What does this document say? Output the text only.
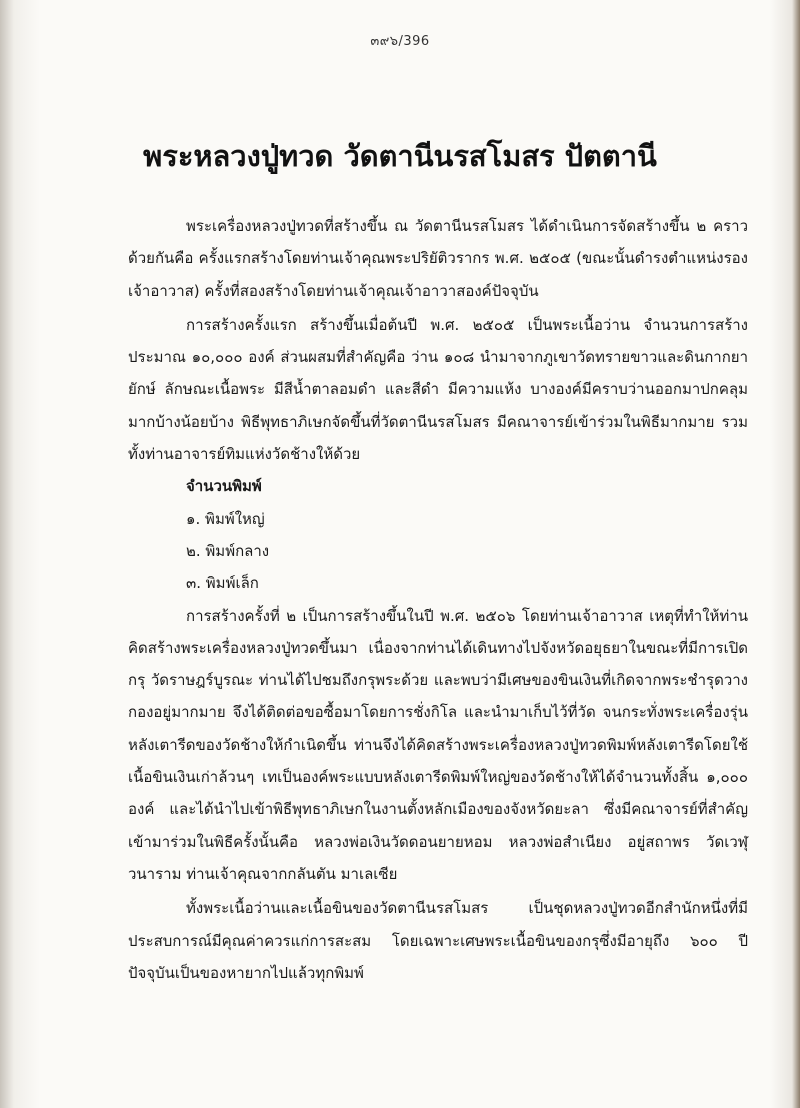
๓๙๖/396
พระหลวงปู่ทวด วัดตานีนรสโมสร ปัตตานี

พระเครื่องหลวงปู่ทวดที่สร้างขึ้น ณ วัดตานีนรสโมสร ได้ดำเนินการจัดสร้างขึ้น ๒ คราวด้วยกันคือ ครั้งแรกสร้างโดยท่านเจ้าคุณพระปริยัติวรากร พ.ศ. ๒๕๐๕ (ขณะนั้นดำรงตำแหน่งรองเจ้าอาวาส) ครั้งที่สองสร้างโดยท่านเจ้าคุณเจ้าอาวาสองค์ปัจจุบัน

การสร้างครั้งแรก สร้างขึ้นเมื่อต้นปี พ.ศ. ๒๕๐๕ เป็นพระเนื้อว่าน จำนวนการสร้างประมาณ ๑๐,๐๐๐ องค์ ส่วนผสมที่สำคัญคือ ว่าน ๑๐๘ นำมาจากภูเขาวัดทรายขาวและดินกากยายักษ์ ลักษณะเนื้อพระ มีสีน้ำตาลอมดำ และสีดำ มีความแห้ง บางองค์มีคราบว่านออกมาปกคลุมมากบ้างน้อยบ้าง พิธีพุทธาภิเษกจัดขึ้นที่วัดตานีนรสโมสร มีคณาจารย์เข้าร่วมในพิธีมากมาย รวมทั้งท่านอาจารย์ทิมแห่งวัดช้างให้ด้วย

จำนวนพิมพ์

๑. พิมพ์ใหญ่

๒. พิมพ์กลาง

๓. พิมพ์เล็ก

การสร้างครั้งที่ ๒ เป็นการสร้างขึ้นในปี พ.ศ. ๒๕๐๖ โดยท่านเจ้าอาวาส เหตุที่ทำให้ท่านคิดสร้างพระเครื่องหลวงปู่ทวดขึ้นมา เนื่องจากท่านได้เดินทางไปจังหวัดอยุธยาในขณะที่มีการเปิดกรุ วัดราษฎร์บูรณะ ท่านได้ไปชมถึงกรุพระด้วย และพบว่ามีเศษของขินเงินที่เกิดจากพระชำรุดวางกองอยู่มากมาย จึงได้ติดต่อขอซื้อมาโดยการชั่งกิโล และนำมาเก็บไว้ที่วัด จนกระทั่งพระเครื่องรุ่นหลังเตารีดของวัดช้างให้กำเนิดขึ้น ท่านจึงได้คิดสร้างพระเครื่องหลวงปู่ทวดพิมพ์หลังเตารีดโดยใช้เนื้อขินเงินเก่าล้วนๆ เทเป็นองค์พระแบบหลังเตารีดพิมพ์ใหญ่ของวัดช้างให้ได้จำนวนทั้งสิ้น ๑,๐๐๐ องค์ และได้นำไปเข้าพิธีพุทธาภิเษกในงานตั้งหลักเมืองของจังหวัดยะลา ซึ่งมีคณาจารย์ที่สำคัญเข้ามาร่วมในพิธีครั้งนั้นคือ หลวงพ่อเงินวัดดอนยายหอม หลวงพ่อสำเนียง อยู่สถาพร วัดเวฬุวนาราม ท่านเจ้าคุณจากกลันตัน มาเลเซีย

ทั้งพระเนื้อว่านและเนื้อขินของวัดตานีนรสโมสร เป็นชุดหลวงปู่ทวดอีกสำนักหนึ่งที่มีประสบการณ์มีคุณค่าควรแก่การสะสม โดยเฉพาะเศษพระเนื้อขินของกรุซึ่งมีอายุถึง ๖๐๐ ปี ปัจจุบันเป็นของหายากไปแล้วทุกพิมพ์
